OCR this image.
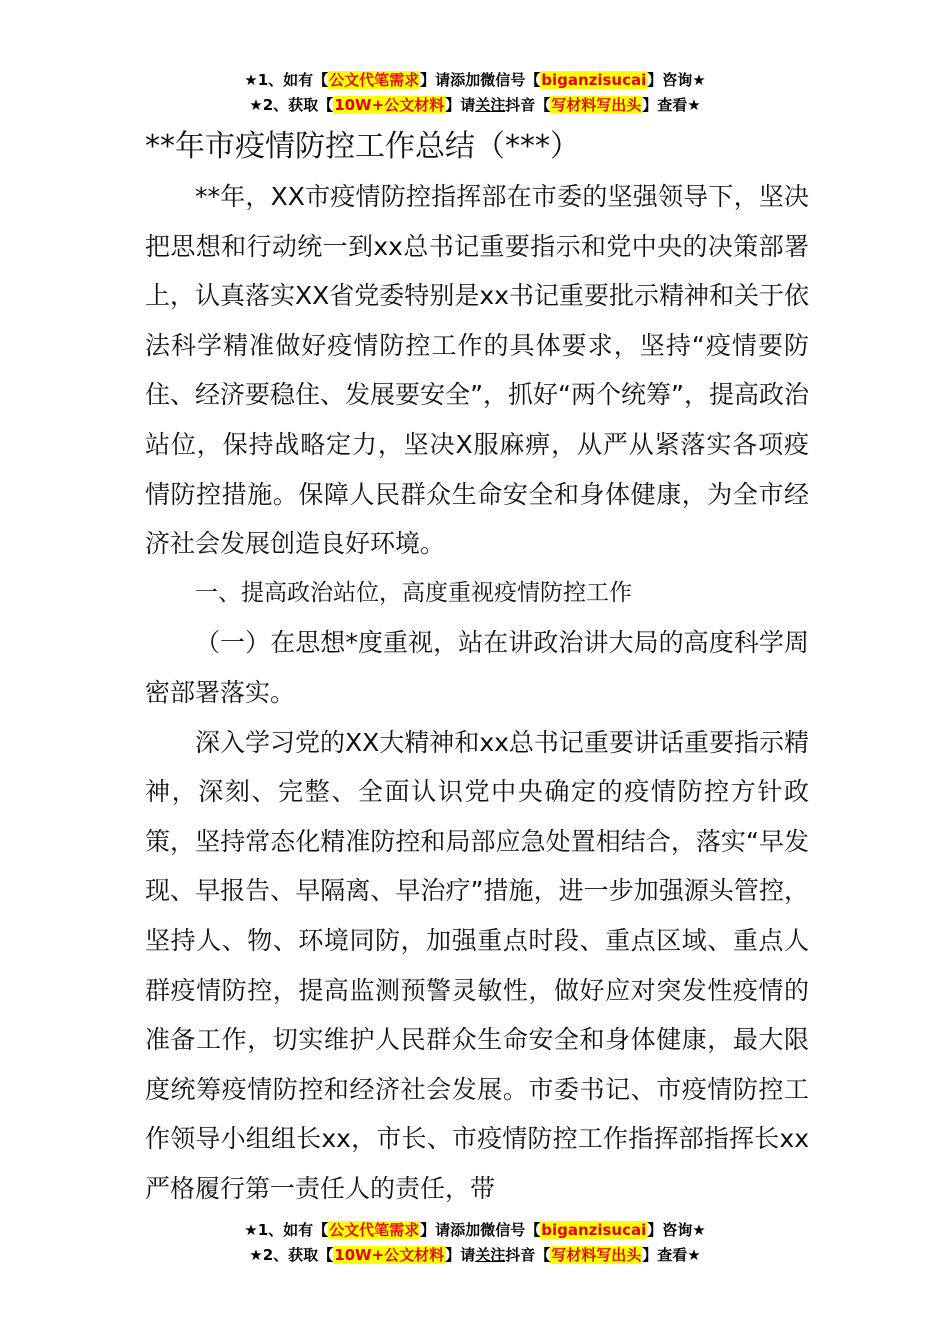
★1、如有【公文代笔需求】请添加微信号【biganzisucai】咨询★
★2、获取【10W+公文材料】请关注抖音【写材料写出头】查看★
**年市疫情防控工作总结（***）

**年，XX市疫情防控指挥部在市委的坚强领导下，坚决把思想和行动统一到xx总书记重要指示和党中央的决策部署上，认真落实XX省党委特别是xx书记重要批示精神和关于依法科学精准做好疫情防控工作的具体要求，坚持“疫情要防住、经济要稳住、发展要安全”，抓好“两个统筹”，提高政治站位，保持战略定力，坚决X服麻痹，从严从紧落实各项疫情防控措施。保障人民群众生命安全和身体健康，为全市经济社会发展创造良好环境。

一、提高政治站位，高度重视疫情防控工作

（一）在思想*度重视，站在讲政治讲大局的高度科学周密部署落实。

深入学习党的XX大精神和xx总书记重要讲话重要指示精神，深刻、完整、全面认识党中央确定的疫情防控方针政策，坚持常态化精准防控和局部应急处置相结合，落实“早发现、早报告、早隔离、早治疗”措施，进一步加强源头管控，坚持人、物、环境同防，加强重点时段、重点区域、重点人群疫情防控，提高监测预警灵敏性，做好应对突发性疫情的准备工作，切实维护人民群众生命安全和身体健康，最大限度统筹疫情防控和经济社会发展。市委书记、市疫情防控工作领导小组组长xx，市长、市疫情防控工作指挥部指挥长xx严格履行第一责任人的责任，带

★1、如有【公文代笔需求】请添加微信号【biganzisucai】咨询★
★2、获取【10W+公文材料】请关注抖音【写材料写出头】查看★
